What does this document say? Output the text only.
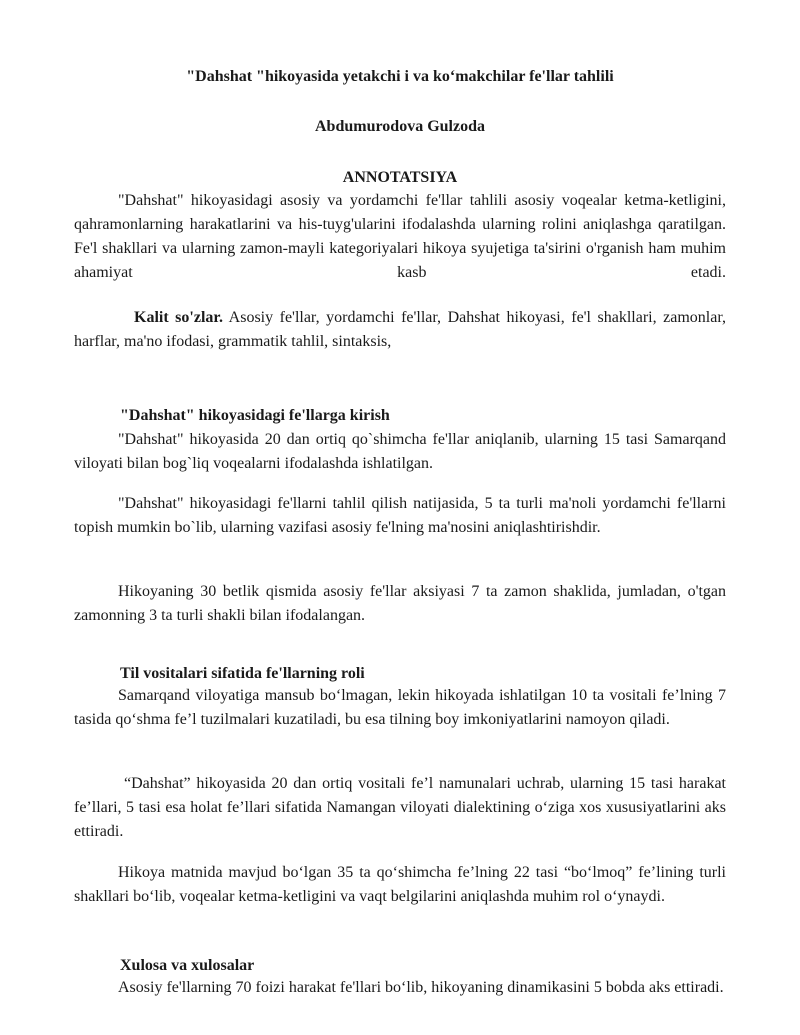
"Dahshat "hikoyasida yetakchi i va ko‘makchilar fe'llar tahlili
Abdumurodova Gulzoda
ANNOTATSIYA

"Dahshat" hikoyasidagi asosiy va yordamchi fe'llar tahlili asosiy voqealar ketma-ketligini, qahramonlarning harakatlarini va his-tuyg'ularini ifodalashda ularning rolini aniqlashga qaratilgan. Fe'l shakllari va ularning zamon-mayli kategoriyalari hikoya syujetiga ta'sirini o'rganish ham muhim ahamiyat kasb etadi.

Kalit so'zlar. Asosiy fe'llar, yordamchi fe'llar, Dahshat hikoyasi, fe'l shakllari, zamonlar, harflar, ma'no ifodasi, grammatik tahlil, sintaksis,

"Dahshat" hikoyasidagi fe'llarga kirish

"Dahshat" hikoyasida 20 dan ortiq qo`shimcha fe'llar aniqlanib, ularning 15 tasi Samarqand viloyati bilan bog`liq voqealarni ifodalashda ishlatilgan.

"Dahshat" hikoyasidagi fe'llarni tahlil qilish natijasida, 5 ta turli ma'noli yordamchi fe'llarni topish mumkin bo`lib, ularning vazifasi asosiy fe'lning ma'nosini aniqlashtirishdir.

Hikoyaning 30 betlik qismida asosiy fe'llar aksiyasi 7 ta zamon shaklida, jumladan, o'tgan zamonning 3 ta turli shakli bilan ifodalangan.

Til vositalari sifatida fe'llarning roli

Samarqand viloyatiga mansub bo‘lmagan, lekin hikoyada ishlatilgan 10 ta vositali fe’lning 7 tasida qo‘shma fe’l tuzilmalari kuzatiladi, bu esa tilning boy imkoniyatlarini namoyon qiladi.

“Dahshat” hikoyasida 20 dan ortiq vositali fe’l namunalari uchrab, ularning 15 tasi harakat fe’llari, 5 tasi esa holat fe’llari sifatida Namangan viloyati dialektining o‘ziga xos xususiyatlarini aks ettiradi.

Hikoya matnida mavjud bo‘lgan 35 ta qo‘shimcha fe’lning 22 tasi “bo‘lmoq” fe’lining turli shakllari bo‘lib, voqealar ketma-ketligini va vaqt belgilarini aniqlashda muhim rol o‘ynaydi.

Xulosa va xulosalar

Asosiy fe'llarning 70 foizi harakat fe'llari bo‘lib, hikoyaning dinamikasini 5 bobda aks ettiradi.
